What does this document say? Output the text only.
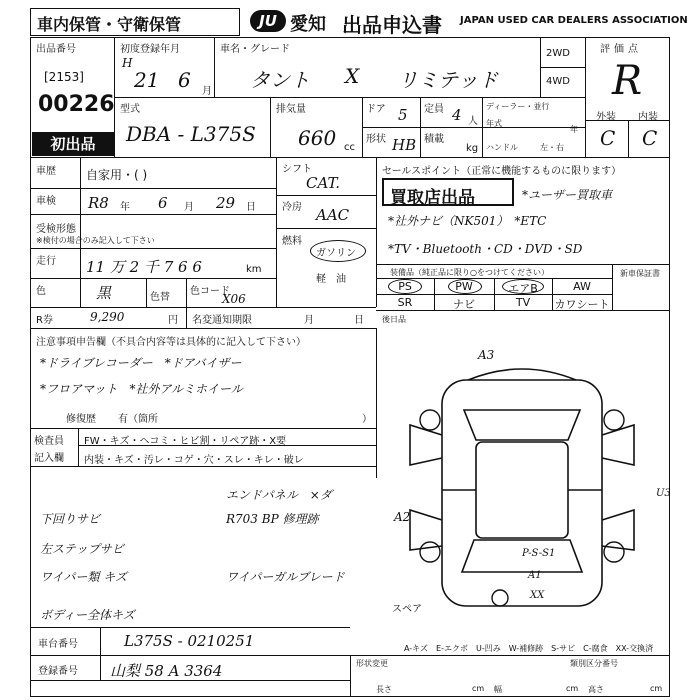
車内保管・守衛保管	JU 愛知 出品申込書 JAPAN USED CAR DEALERS ASSOCIATION
出品番号
[2153]
00226
初出品
初度登録年月
H
21 6 月
車名・グレード
タント X リミテッド
2WD
4WD
評価点
R
外装 内装
C C
型式
DBA - L375S
排気量
660 cc
ドア 5 定員 4 人
形状 HB 積載
kg
ディーラー・並行
年式
年
ハンドル	左・右
車歴	自家用・( )
車検 R8 年 6 月 29 日
受検形態
※検付の場合のみ記入して下さい
走行 11 万 2 千 7 6 6	km
色	黒	色替
色コード
X06
シフト
CAT.
冷房 AAC
燃料
ガソリン
軽　油
セールスポイント（正常に機能するものに限ります）
買取店出品	*ユーザー買取車
*社外ナビ（NK501）　*ETC
*TV・Bluetooth・CD・DVD・SD
装備品（純正品に限り○をつけてください）	新車保証書
PS	PW	エアB	AW
SR	ナビ	TV	カワシート
R券	9,290	円 名変通知期限	月	日 後日品
注意事項申告欄（不具合内容等は具体的に記入して下さい）
*ドライブレコーダー　*ドアバイザー
*フロアマット　*社外アルミホイール
修復歴 有（箇所	）
検査員
記入欄
FW・キズ・ヘコミ・ヒビ割・リペア跡・X要
内装・キズ・汚レ・コゲ・穴・スレ・キレ・破レ
エンドパネル　×ダ
下回りサビ	R703 BP 修理跡
左ステップサビ
ワイパー類 キズ	ワイパーガルブレード
ボディー全体キズ
A3
U3
A2
P-S-S1
A1
XX
スペア
A-キズ　E-エクボ　U-凹み　W-補修跡　S-サビ　C-腐食　XX-交換済
車台番号	L375S - 0210251
登録番号 山梨 58 A 3364	形状変更	類別区分番号
長さ	cm 幅	cm 高さ	cm
